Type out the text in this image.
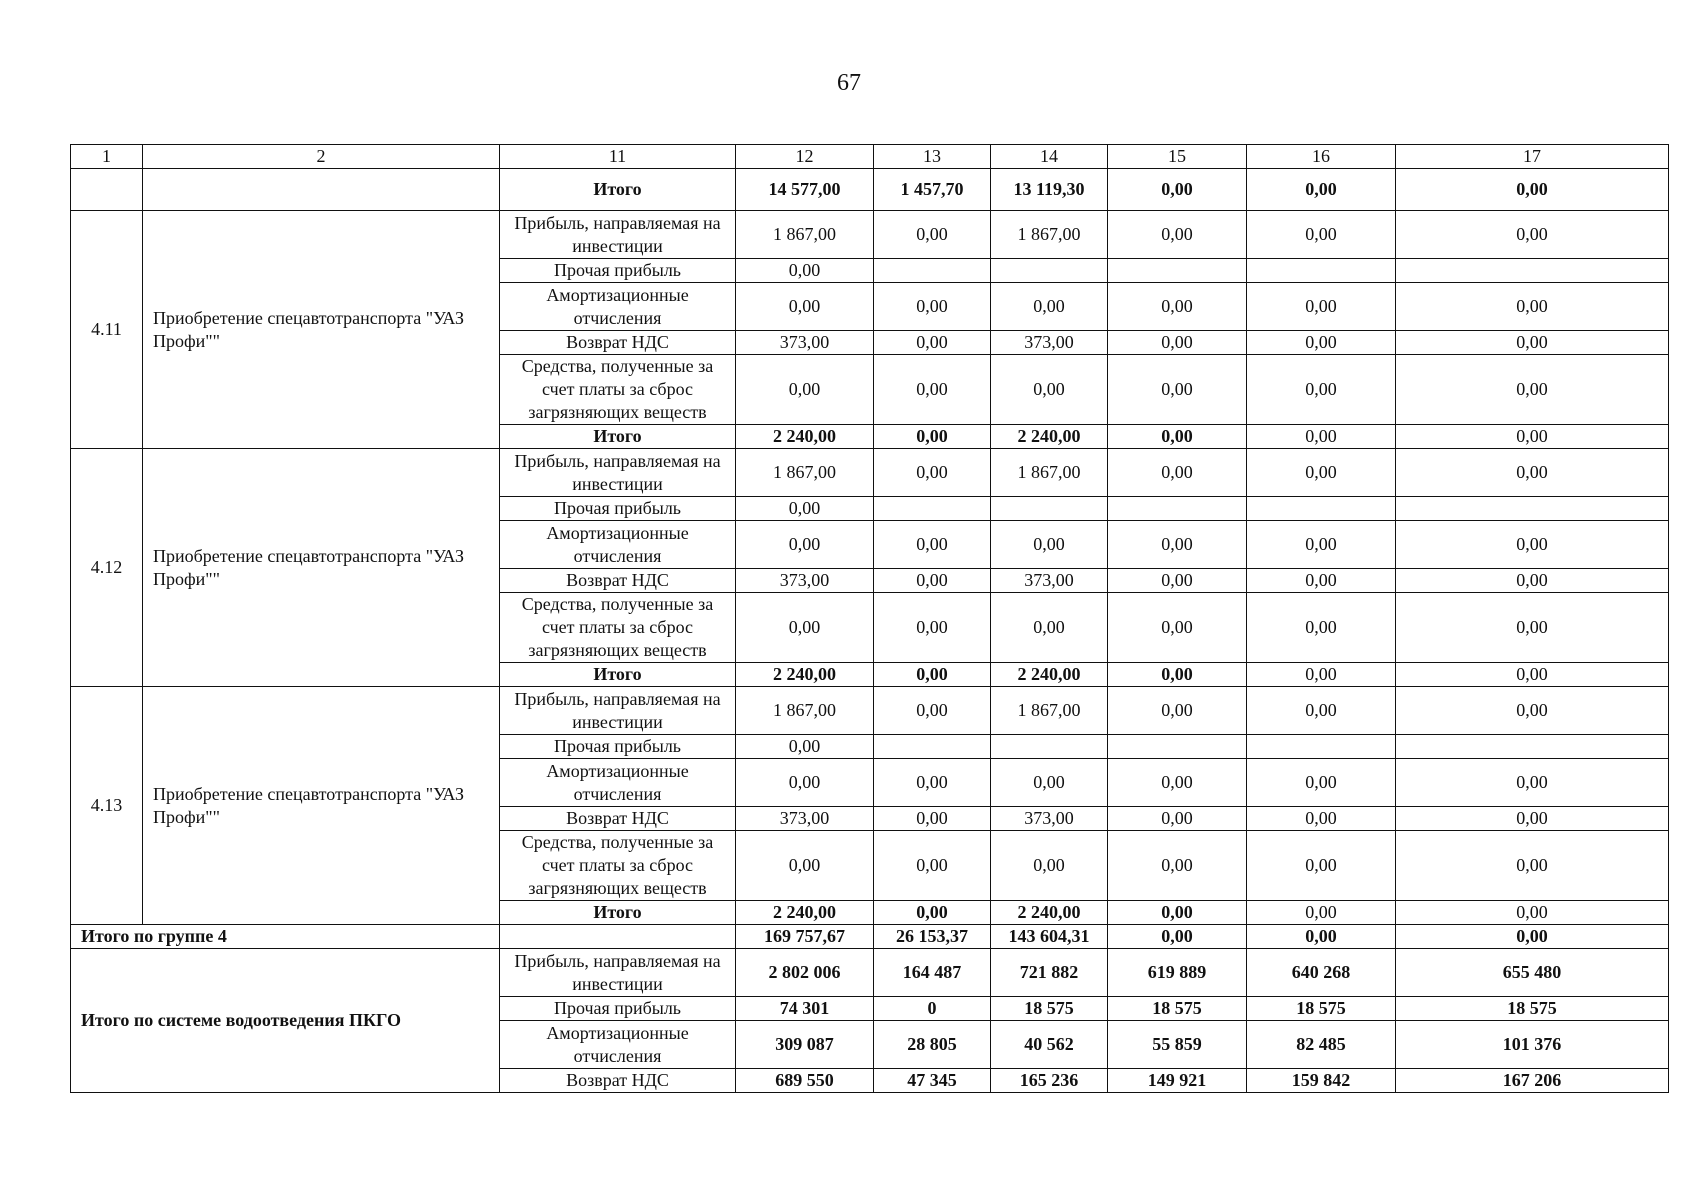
67
1	2	11	12	13	14	15	16	17
		Итого	14 577,00	1 457,70	13 119,30	0,00	0,00	0,00
4.11	Приобретение спецавтотранспорта "УАЗ Профи""	Прибыль, направляемая на инвестиции	1 867,00	0,00	1 867,00	0,00	0,00	0,00
		Прочая прибыль	0,00					
		Амортизационные отчисления	0,00	0,00	0,00	0,00	0,00	0,00
		Возврат НДС	373,00	0,00	373,00	0,00	0,00	0,00
		Средства, полученные за счет платы за сброс загрязняющих веществ	0,00	0,00	0,00	0,00	0,00	0,00
		Итого	2 240,00	0,00	2 240,00	0,00	0,00	0,00
4.12	Приобретение спецавтотранспорта "УАЗ Профи""	Прибыль, направляемая на инвестиции	1 867,00	0,00	1 867,00	0,00	0,00	0,00
		Прочая прибыль	0,00					
		Амортизационные отчисления	0,00	0,00	0,00	0,00	0,00	0,00
		Возврат НДС	373,00	0,00	373,00	0,00	0,00	0,00
		Средства, полученные за счет платы за сброс загрязняющих веществ	0,00	0,00	0,00	0,00	0,00	0,00
		Итого	2 240,00	0,00	2 240,00	0,00	0,00	0,00
4.13	Приобретение спецавтотранспорта "УАЗ Профи""	Прибыль, направляемая на инвестиции	1 867,00	0,00	1 867,00	0,00	0,00	0,00
		Прочая прибыль	0,00					
		Амортизационные отчисления	0,00	0,00	0,00	0,00	0,00	0,00
		Возврат НДС	373,00	0,00	373,00	0,00	0,00	0,00
		Средства, полученные за счет платы за сброс загрязняющих веществ	0,00	0,00	0,00	0,00	0,00	0,00
		Итого	2 240,00	0,00	2 240,00	0,00	0,00	0,00
Итого по группе 4			169 757,67	26 153,37	143 604,31	0,00	0,00	0,00
Итого по системе водоотведения ПКГО		Прибыль, направляемая на инвестиции	2 802 006	164 487	721 882	619 889	640 268	655 480
		Прочая прибыль	74 301	0	18 575	18 575	18 575	18 575
		Амортизационные отчисления	309 087	28 805	40 562	55 859	82 485	101 376
		Возврат НДС	689 550	47 345	165 236	149 921	159 842	167 206
